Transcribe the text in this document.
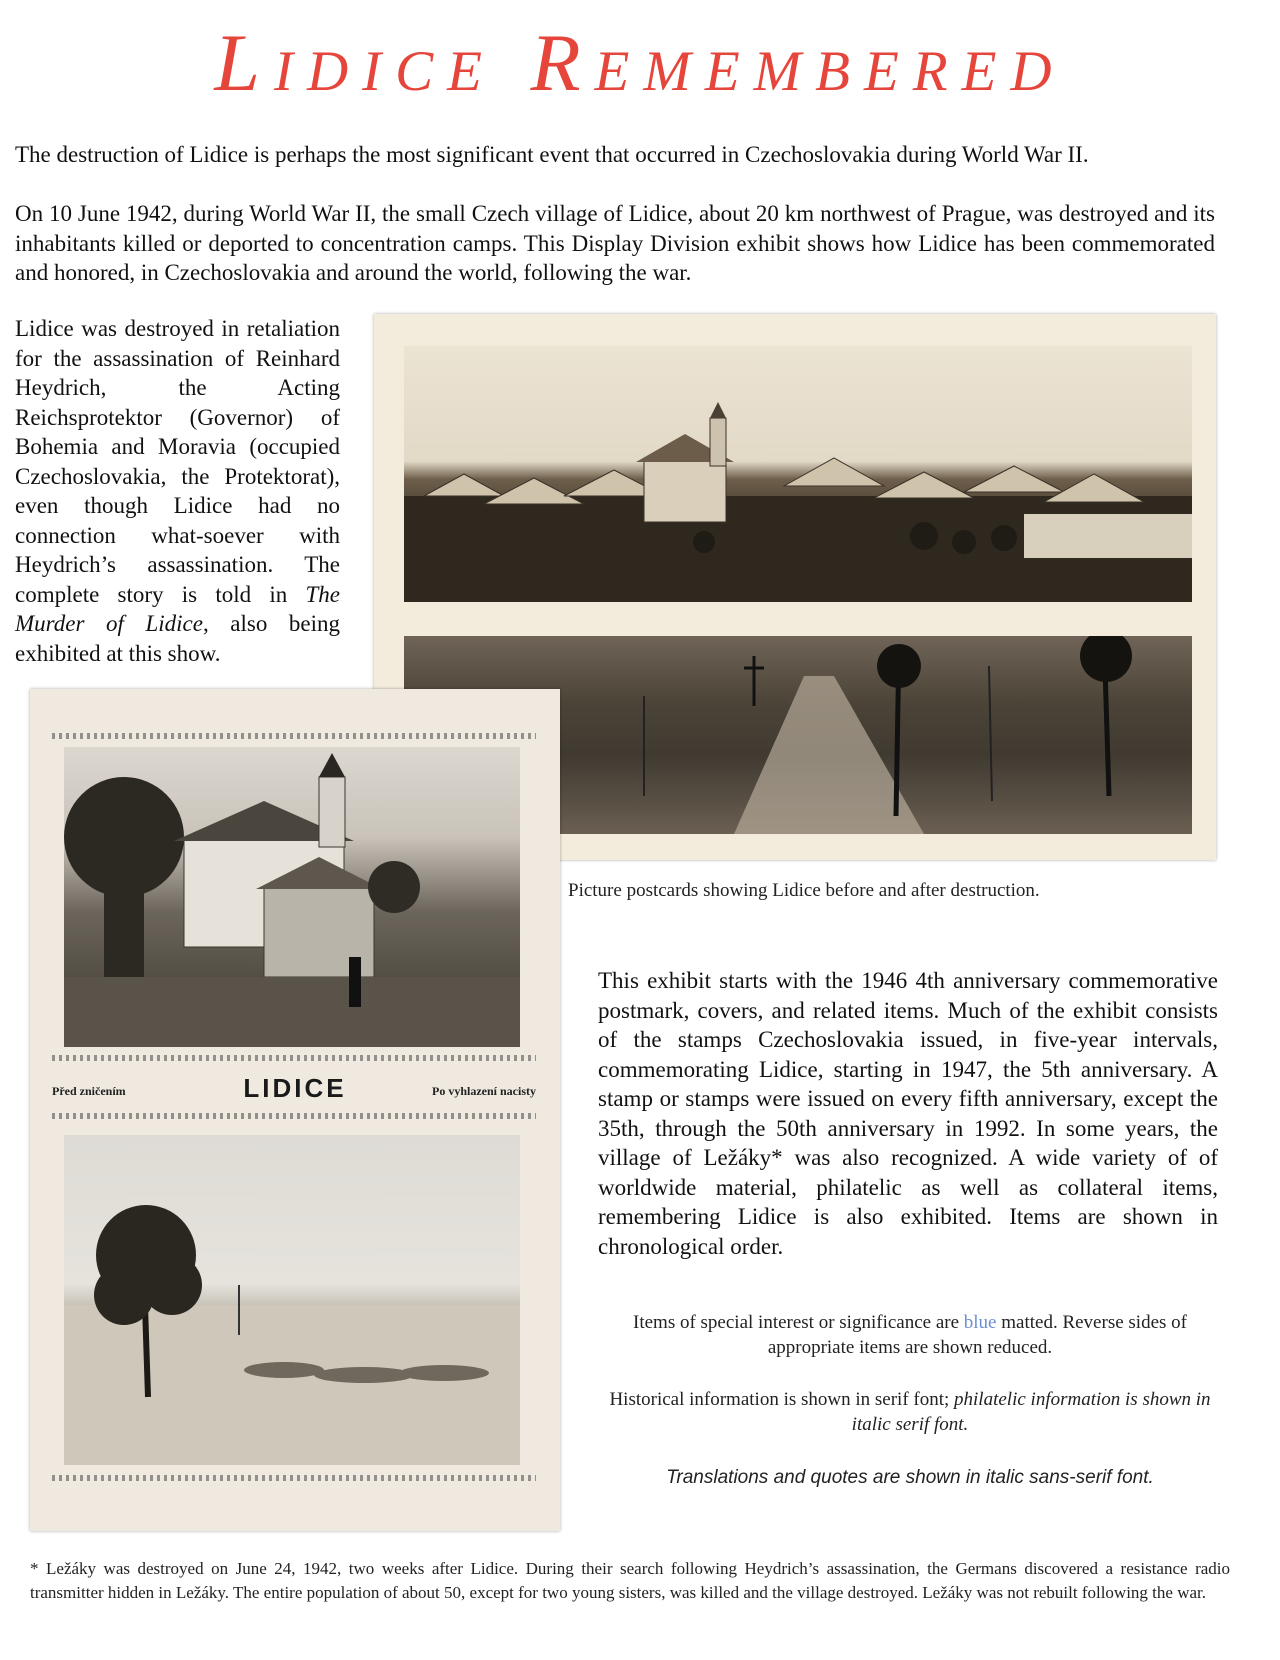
Lidice Remembered
The destruction of Lidice is perhaps the most significant event that occurred in Czechoslovakia during World War II.
On 10 June 1942, during World War II, the small Czech village of Lidice, about 20 km northwest of Prague, was destroyed and its inhabitants killed or deported to concentration camps. This Display Division exhibit shows how Lidice has been commemorated and honored, in Czechoslovakia and around the world, following the war.
Lidice was destroyed in retaliation for the assassination of Reinhard Heydrich, the Acting Reichsprotektor (Governor) of Bohemia and Moravia (occupied Czechoslovakia, the Protektorat), even though Lidice had no connection what-soever with Heydrich’s assassination. The complete story is told in The Murder of Lidice, also being exhibited at this show.
Před zničením	LIDICE	Po vyhlazení nacisty
Picture postcards showing Lidice before and after destruction.
This exhibit starts with the 1946 4th anniversary commemorative postmark, covers, and related items. Much of the exhibit consists of the stamps Czechoslovakia issued, in five-year intervals, commemorating Lidice, starting in 1947, the 5th anniversary. A stamp or stamps were issued on every fifth anniversary, except the 35th, through the 50th anniversary in 1992. In some years, the village of Ležáky* was also recognized. A wide variety of of worldwide material, philatelic as well as collateral items, remembering Lidice is also exhibited. Items are shown in chronological order.
Items of special interest or significance are blue matted. Reverse sides of appropriate items are shown reduced.
Historical information is shown in serif font; philatelic information is shown in italic serif font.
Translations and quotes are shown in italic sans-serif font.
* Ležáky was destroyed on June 24, 1942, two weeks after Lidice. During their search following Heydrich’s assassination, the Germans discovered a resistance radio transmitter hidden in Ležáky. The entire population of about 50, except for two young sisters, was killed and the village destroyed. Ležáky was not rebuilt following the war.
